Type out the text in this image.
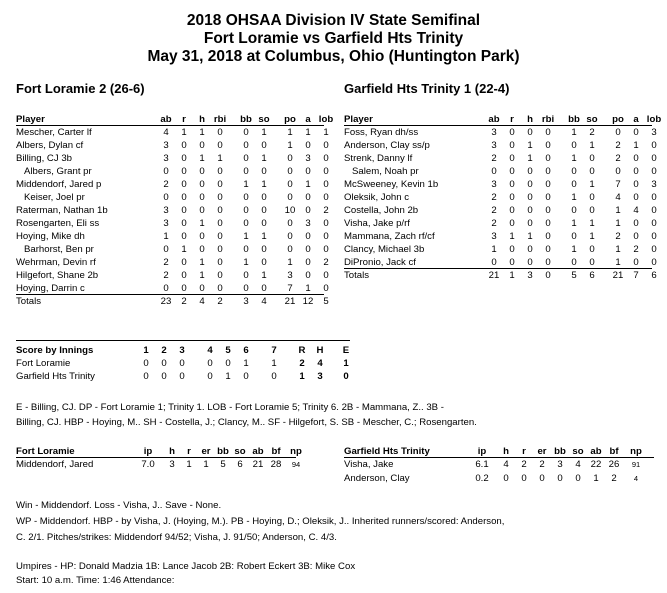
2018 OHSAA Division IV State Semifinal
Fort Loramie vs Garfield Hts Trinity
May 31, 2018 at Columbus, Ohio (Huntington Park)
Fort Loramie 2 (26-6)	Garfield Hts Trinity 1 (22-4)
Player	ab	r	h rbi bb so po a lob
Mescher, Carter lf	4	1	1	0	0	1	1	1	1
Albers, Dylan cf	3	0	0	0	0	0	1	0	0
Billing, CJ 3b	3	0	1	1	0	1	0	3	0
Albers, Grant pr	0	0	0	0	0	0	0	0	0
Middendorf, Jared p	2	0	0	0	1	1	0	1	0
Keiser, Joel pr	0	0	0	0	0	0	0	0	0
Raterman, Nathan 1b	3	0	0	0	0	0	10	0	2
Rosengarten, Eli ss	3	0	1	0	0	0	0	3	0
Hoying, Mike dh	1	0	0	0	1	1	0	0	0
Barhorst, Ben pr	0	1	0	0	0	0	0	0	0
Wehrman, Devin rf	2	0	1	0	1	0	1	0	2
Hilgefort, Shane 2b	2	0	1	0	0	1	3	0	0
Hoying, Darrin c	0	0	0	0	0	0	7	1	0
Totals	23	2	4	2	3	4	21 12	5
Player	ab	r	h rbi bb so po a lob
Foss, Ryan dh/ss	3	0	0	0	1	2	0	0	3
Anderson, Clay ss/p	3	0	1	0	0	1	2	1	0
Strenk, Danny lf	2	0	1	0	1	0	2	0	0
Salem, Noah pr	0	0	0	0	0	0	0	0	0
McSweeney, Kevin 1b	3	0	0	0	0	1	7	0	3
Oleksik, John c	2	0	0	0	1	0	4	0	0
Costella, John 2b	2	0	0	0	0	0	1	4	0
Visha, Jake p/rf	2	0	0	0	1	1	1	0	0
Mammana, Zach rf/cf	3	1	1	0	0	1	2	0	0
Clancy, Michael 3b	1	0	0	0	1	0	1	2	0
DiPronio, Jack cf	0	0	0	0	0	0	1	0	0
Totals	21	1	3	0	5	6	21	7	6
Score by Innings	1	2	3	4	5	6	7	R	H	E
Fort Loramie	0	0	0	0	0	1	1	2	4	1
Garfield Hts Trinity	0	0	0	0	1	0	0	1	3	0
E - Billing, CJ. DP - Fort Loramie 1; Trinity 1. LOB - Fort Loramie 5; Trinity 6. 2B - Mammana, Z.. 3B -
Billing, CJ. HBP - Hoying, M.. SH - Costella, J.; Clancy, M.. SF - Hilgefort, S. SB - Mescher, C.; Rosengarten.
Fort Loramie	ip	h	r	er bb so ab bf np
Middendorf, Jared	7.0	3	1	1	5	6	21 28	94
Garfield Hts Trinity	ip	h	r	er bb so ab bf	np
Visha, Jake	6.1	4	2	2	3	4	22 26	91
Anderson, Clay	0.2	0	0	0	0	0	1	2	4
Win - Middendorf. Loss - Visha, J.. Save - None.
WP - Middendorf. HBP - by Visha, J. (Hoying, M.). PB - Hoying, D.; Oleksik, J.. Inherited runners/scored: Anderson,
C. 2/1. Pitches/strikes: Middendorf 94/52; Visha, J. 91/50; Anderson, C. 4/3.
Umpires - HP: Donald Madzia 1B: Lance Jacob 2B: Robert Eckert 3B: Mike Cox
Start: 10 a.m. Time: 1:46 Attendance:
